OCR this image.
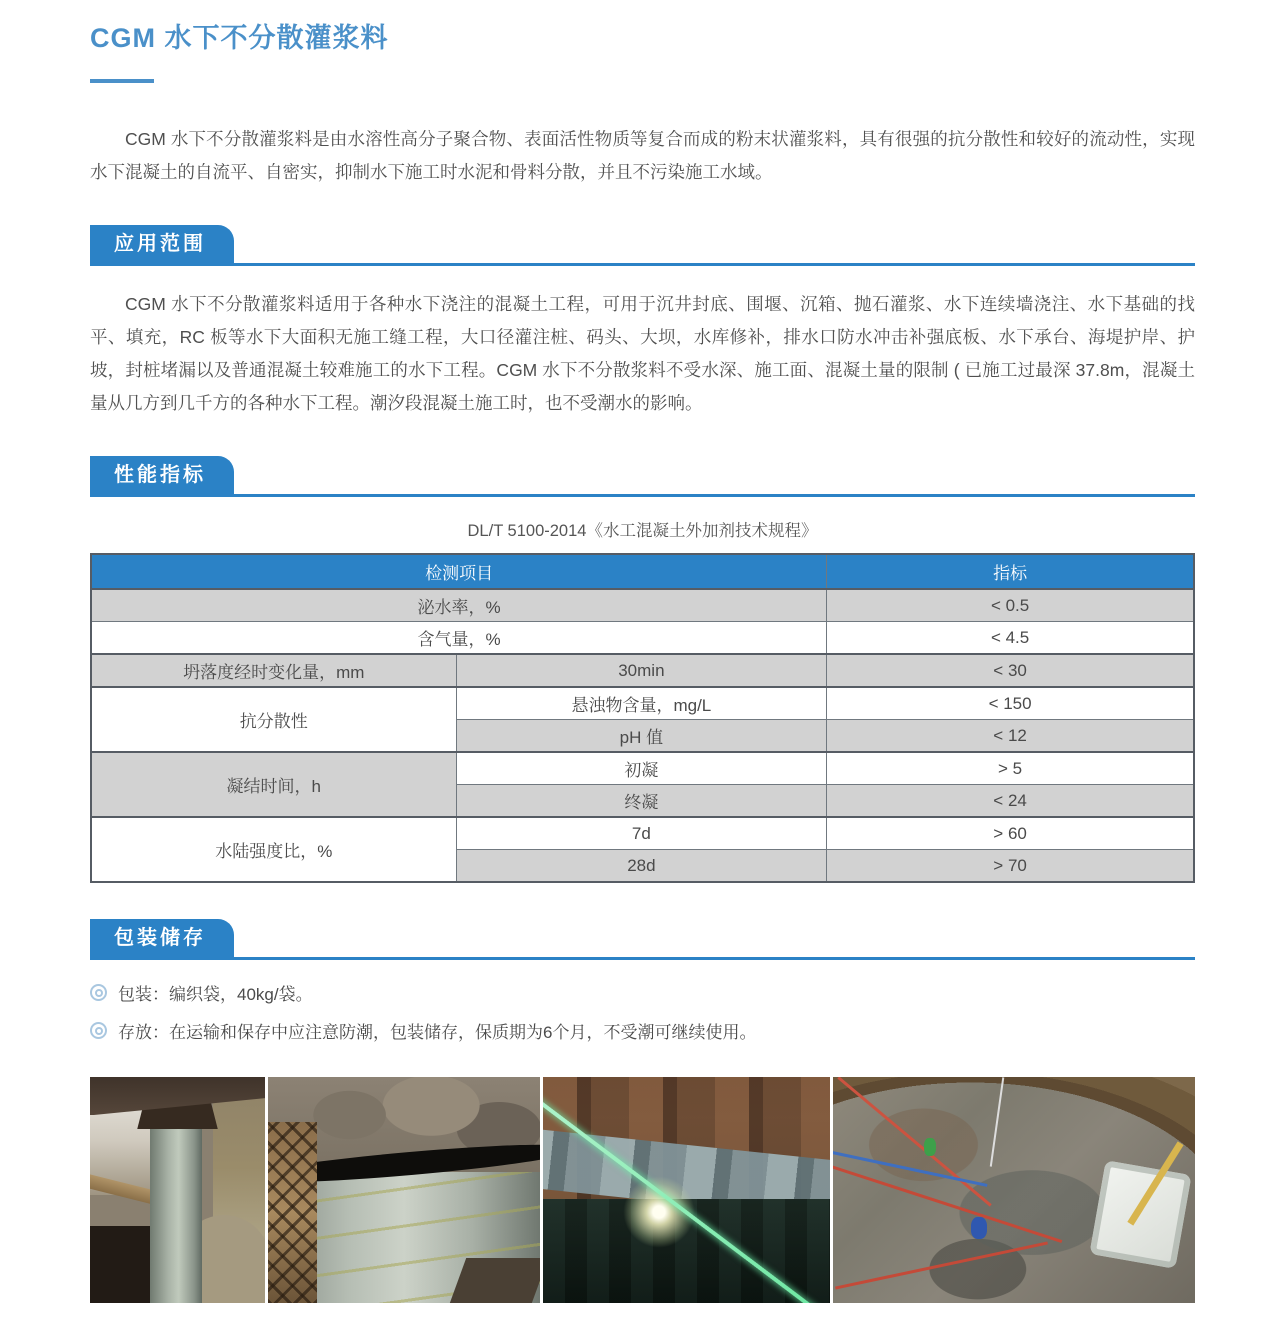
CGM 水下不分散灌浆料

CGM 水下不分散灌浆料是由水溶性高分子聚合物、表面活性物质等复合而成的粉末状灌浆料，具有很强的抗分散性和较好的流动性，实现水下混凝土的自流平、自密实，抑制水下施工时水泥和骨料分散，并且不污染施工水域。

应用范围

CGM 水下不分散灌浆料适用于各种水下浇注的混凝土工程，可用于沉井封底、围堰、沉箱、抛石灌浆、水下连续墙浇注、水下基础的找平、填充，RC 板等水下大面积无施工缝工程，大口径灌注桩、码头、大坝，水库修补，排水口防水冲击补强底板、水下承台、海堤护岸、护坡，封桩堵漏以及普通混凝土较难施工的水下工程。CGM 水下不分散浆料不受水深、施工面、混凝土量的限制 ( 已施工过最深 37.8m，混凝土量从几方到几千方的各种水下工程。潮汐段混凝土施工时，也不受潮水的影响。

性能指标
DL/T 5100-2014《水工混凝土外加剂技术规程》
检测项目		指标
泌水率，%		< 0.5
含气量，%		< 4.5
坍落度经时变化量，mm	30min	< 30
抗分散性	悬浊物含量，mg/L	< 150
	pH 值	< 12
凝结时间，h	初凝	> 5
	终凝	< 24
水陆强度比，%	7d	> 60
	28d	> 70
包装储存
包装：编织袋，40kg/袋。
存放：在运输和保存中应注意防潮，包装储存，保质期为6个月，不受潮可继续使用。
